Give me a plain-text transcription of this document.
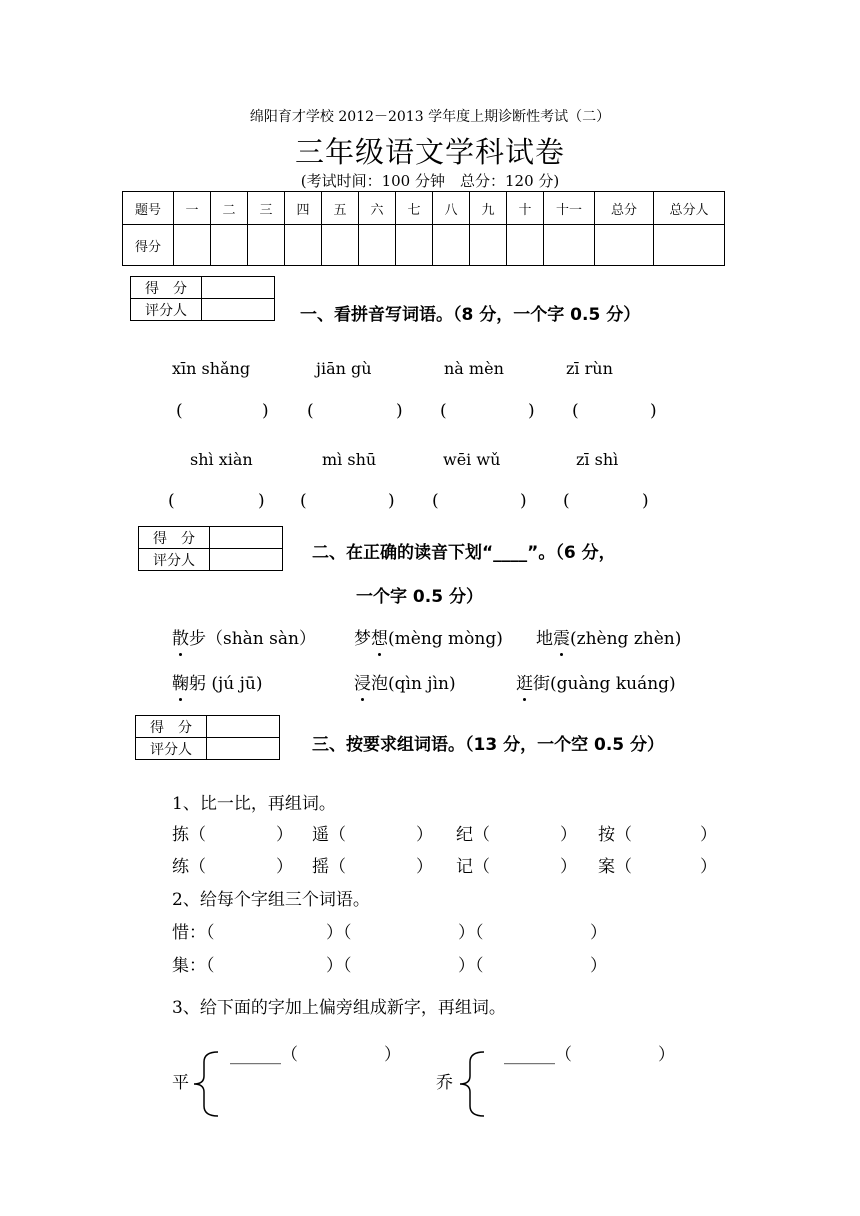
绵阳育才学校 2012－2013 学年度上期诊断性考试（二）
三年级语文学科试卷
(考试时间：100 分钟　总分：120 分)
题号	一	二	三	四	五	六	七	八	九	十	十一	总分	总分人
得分													
得　分	
评分人		一、看拼音写词语。（8 分，一个字 0.5 分）
xīn shǎng	jiān gù	nà mèn	zī rùn
(	) (	) (	) (	)
shì xiàn	mì shū	wēi wǔ	zī shì
(	) (	) (	) (	)
得　分	
评分人		二、在正确的读音下划“____”。（6 分，
一个字 0.5 分）
散步（shàn sàn） 梦想(mèng mòng) 地震(zhèng zhèn)
鞠躬 (jú jū)	浸泡(qìn jìn)	逛街(guàng kuáng)
得　分	
评分人		三、按要求组词语。（13 分，一个空 0.5 分）
1、比一比，再组词。
拣（	） 遥（	） 纪（	） 按（	）
练（	） 摇（	） 记（	） 案（	）
2、给每个字组三个词语。
惜：（	）（	）（	）
集：（	）（	）（	）
3、给下面的字加上偏旁组成新字，再组词。
平
______（	）
乔
______（	）
